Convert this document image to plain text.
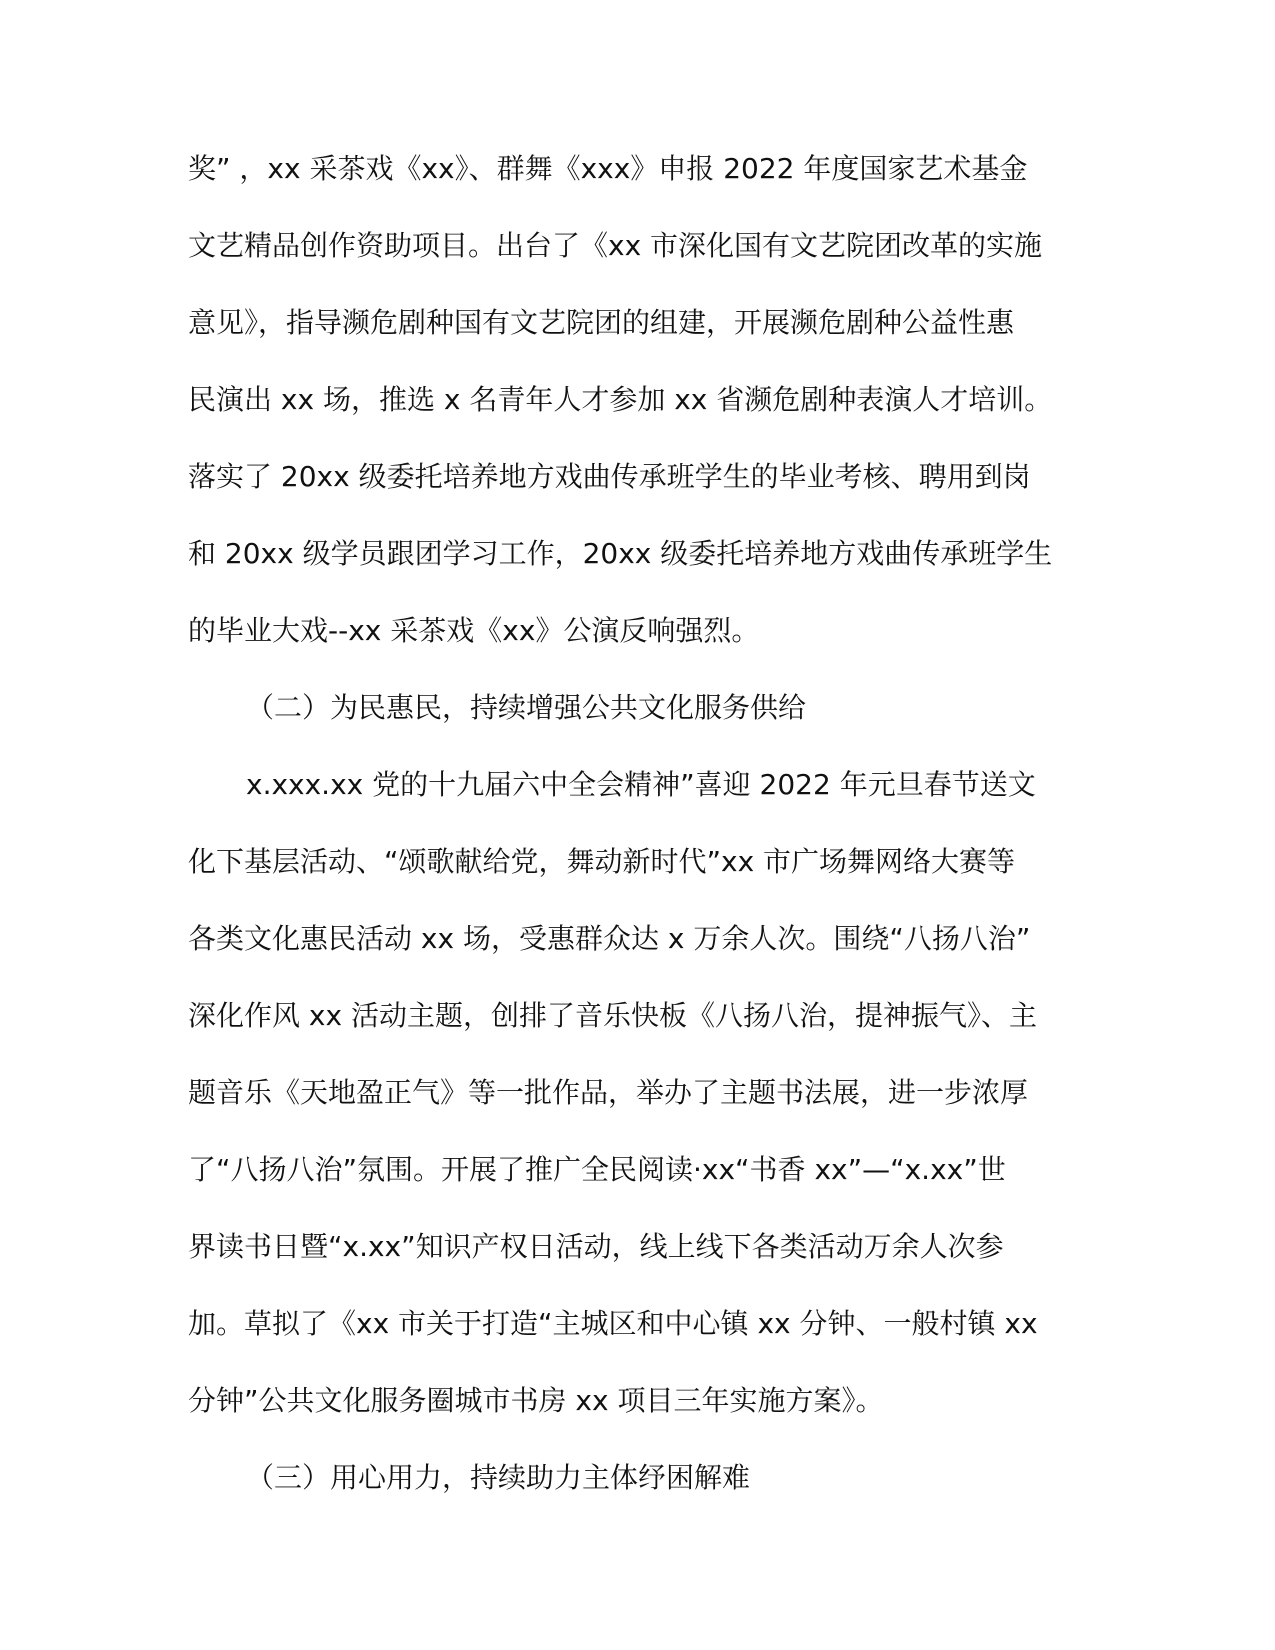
奖” ，xx 采茶戏《xx》、群舞《xxx》申报 2022 年度国家艺术基金
文艺精品创作资助项目。出台了《xx 市深化国有文艺院团改革的实施
意见》，指导濒危剧种国有文艺院团的组建，开展濒危剧种公益性惠
民演出 xx 场，推选 x 名青年人才参加 xx 省濒危剧种表演人才培训。
落实了 20xx 级委托培养地方戏曲传承班学生的毕业考核、聘用到岗
和 20xx 级学员跟团学习工作，20xx 级委托培养地方戏曲传承班学生
的毕业大戏--xx 采茶戏《xx》公演反响强烈。
（二）为民惠民，持续增强公共文化服务供给
x.xxx.xx 党的十九届六中全会精神”喜迎 2022 年元旦春节送文
化下基层活动、“颂歌献给党，舞动新时代”xx 市广场舞网络大赛等
各类文化惠民活动 xx 场，受惠群众达 x 万余人次。围绕“八扬八治”
深化作风 xx 活动主题，创排了音乐快板《八扬八治，提神振气》、主
题音乐《天地盈正气》等一批作品，举办了主题书法展，进一步浓厚
了“八扬八治”氛围。开展了推广全民阅读·xx“书香 xx”—“x.xx”世
界读书日暨“x.xx”知识产权日活动，线上线下各类活动万余人次参
加。草拟了《xx 市关于打造“主城区和中心镇 xx 分钟、一般村镇 xx
分钟”公共文化服务圈城市书房 xx 项目三年实施方案》。
（三）用心用力，持续助力主体纾困解难
